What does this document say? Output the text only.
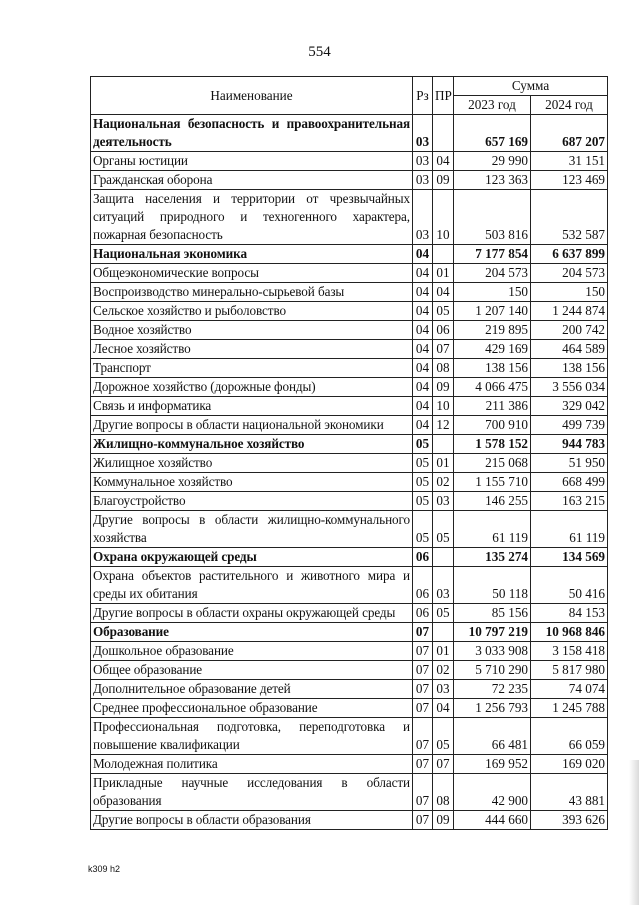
554
Наименование	Рз	ПР	Сумма	
			2023 год	2024 год
Национальная безопасность и правоохранительная деятельность	03		657 169	687 207
Органы юстиции	03	04	29 990	31 151
Гражданская оборона	03	09	123 363	123 469
Защита населения и территории от чрезвычайных ситуаций природного и техногенного характера, пожарная безопасность	03	10	503 816	532 587
Национальная экономика	04		7 177 854	6 637 899
Общеэкономические вопросы	04	01	204 573	204 573
Воспроизводство минерально-сырьевой базы	04	04	150	150
Сельское хозяйство и рыболовство	04	05	1 207 140	1 244 874
Водное хозяйство	04	06	219 895	200 742
Лесное хозяйство	04	07	429 169	464 589
Транспорт	04	08	138 156	138 156
Дорожное хозяйство (дорожные фонды)	04	09	4 066 475	3 556 034
Связь и информатика	04	10	211 386	329 042
Другие вопросы в области национальной экономики	04	12	700 910	499 739
Жилищно-коммунальное хозяйство	05		1 578 152	944 783
Жилищное хозяйство	05	01	215 068	51 950
Коммунальное хозяйство	05	02	1 155 710	668 499
Благоустройство	05	03	146 255	163 215
Другие вопросы в области жилищно-коммунального хозяйства	05	05	61 119	61 119
Охрана окружающей среды	06		135 274	134 569
Охрана объектов растительного и животного мира и среды их обитания	06	03	50 118	50 416
Другие вопросы в области охраны окружающей среды	06	05	85 156	84 153
Образование	07		10 797 219	10 968 846
Дошкольное образование	07	01	3 033 908	3 158 418
Общее образование	07	02	5 710 290	5 817 980
Дополнительное образование детей	07	03	72 235	74 074
Среднее профессиональное образование	07	04	1 256 793	1 245 788
Профессиональная подготовка, переподготовка и повышение квалификации	07	05	66 481	66 059
Молодежная политика	07	07	169 952	169 020
Прикладные научные исследования в области образования	07	08	42 900	43 881
Другие вопросы в области образования	07	09	444 660	393 626
k309 h2
